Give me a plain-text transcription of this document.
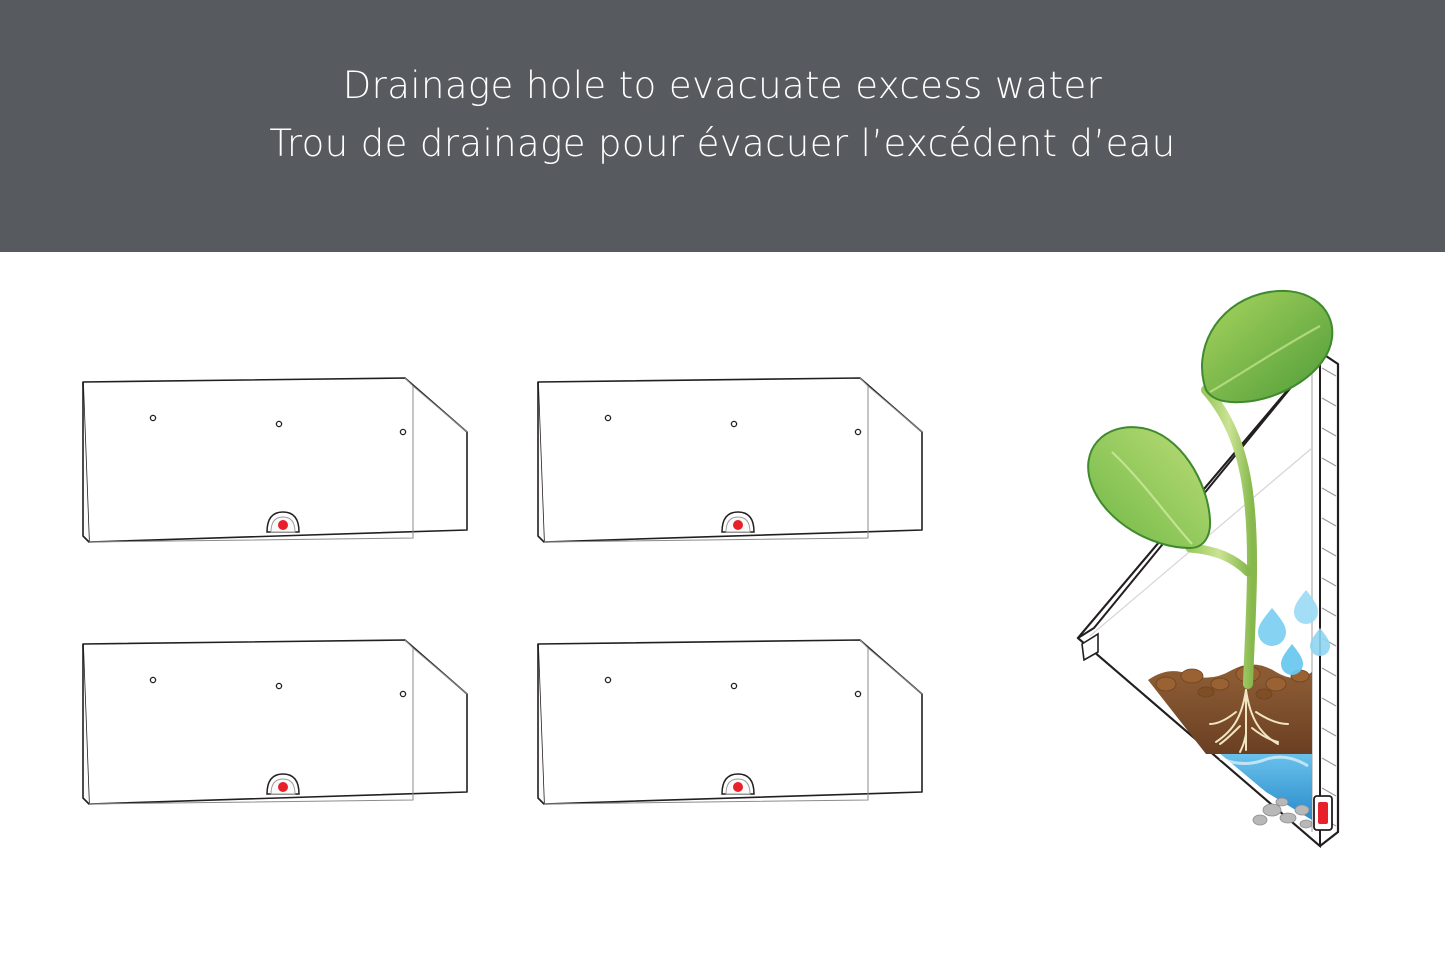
Drainage hole to evacuate excess water
Trou de drainage pour évacuer l’excédent d’eau
